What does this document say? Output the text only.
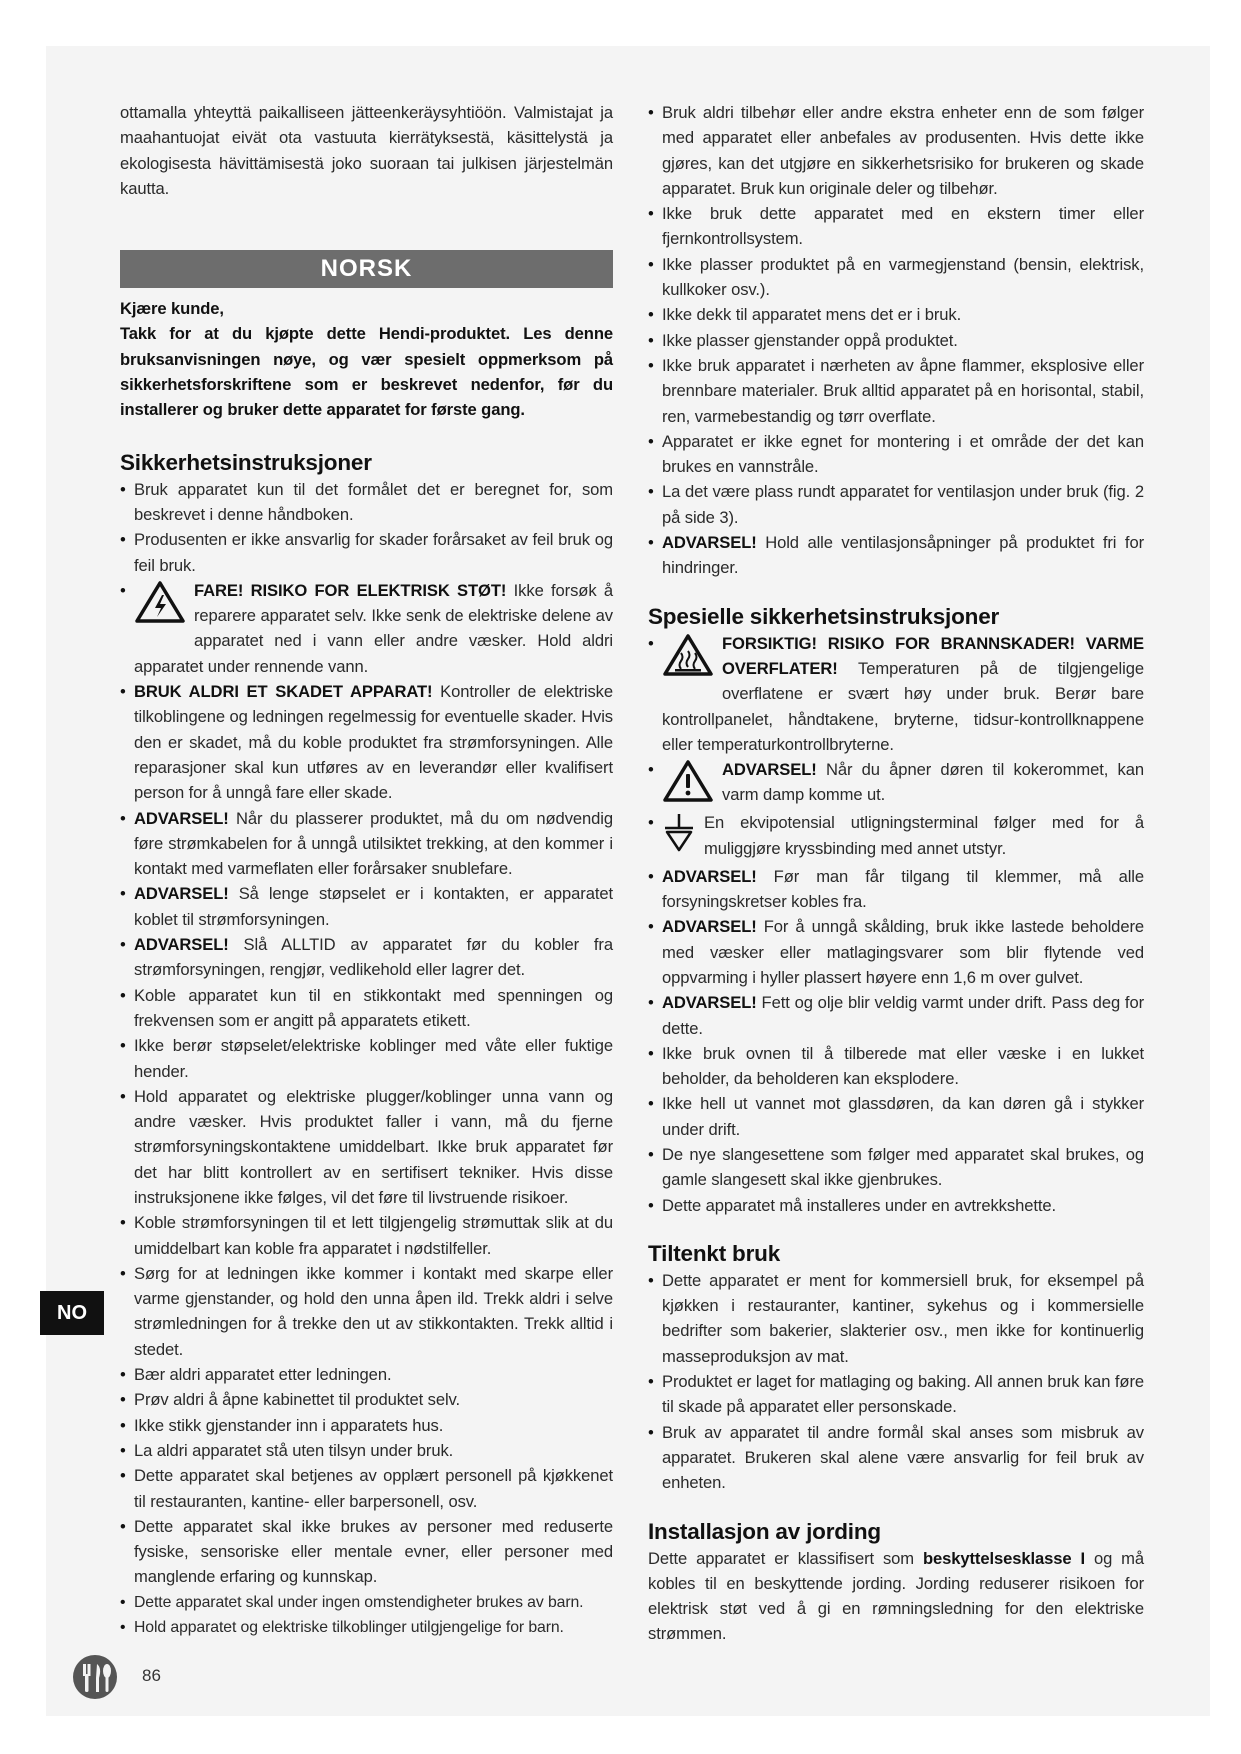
ottamalla yhteyttä paikalliseen jätteenkeräysyhtiöön. Valmistajat ja maahantuojat eivät ota vastuuta kierrätyksestä, käsittelystä ja ekologisesta hävittämisestä joko suoraan tai julkisen järjestelmän kautta.

NORSK

Kjære kunde,

Takk for at du kjøpte dette Hendi-produktet. Les denne bruksanvisningen nøye, og vær spesielt oppmerksom på sikkerhetsforskriftene som er beskrevet nedenfor, før du installerer og bruker dette apparatet for første gang.

Sikkerhetsinstruksjoner

• Bruk apparatet kun til det formålet det er beregnet for, som beskrevet i denne håndboken.

• Produsenten er ikke ansvarlig for skader forårsaket av feil bruk og feil bruk.

• FARE! RISIKO FOR ELEKTRISK STØT! Ikke forsøk å reparere apparatet selv. Ikke senk de elektriske delene av apparatet ned i vann eller andre væsker. Hold aldri apparatet under rennende vann.

• BRUK ALDRI ET SKADET APPARAT! Kontroller de elektriske tilkoblingene og ledningen regelmessig for eventuelle skader. Hvis den er skadet, må du koble produktet fra strømforsyningen. Alle reparasjoner skal kun utføres av en leverandør eller kvalifisert person for å unngå fare eller skade.

• ADVARSEL! Når du plasserer produktet, må du om nødvendig føre strømkabelen for å unngå utilsiktet trekking, at den kommer i kontakt med varmeflaten eller forårsaker snublefare.

• ADVARSEL! Så lenge støpselet er i kontakten, er apparatet koblet til strømforsyningen.

• ADVARSEL! Slå ALLTID av apparatet før du kobler fra strømforsyningen, rengjør, vedlikehold eller lagrer det.

• Koble apparatet kun til en stikkontakt med spenningen og frekvensen som er angitt på apparatets etikett.

• Ikke berør støpselet/elektriske koblinger med våte eller fuktige hender.

• Hold apparatet og elektriske plugger/koblinger unna vann og andre væsker. Hvis produktet faller i vann, må du fjerne strømforsyningskontaktene umiddelbart. Ikke bruk apparatet før det har blitt kontrollert av en sertifisert tekniker. Hvis disse instruksjonene ikke følges, vil det føre til livstruende risikoer.

• Koble strømforsyningen til et lett tilgjengelig strømuttak slik at du umiddelbart kan koble fra apparatet i nødstilfeller.

• Sørg for at ledningen ikke kommer i kontakt med skarpe eller varme gjenstander, og hold den unna åpen ild. Trekk aldri i selve strømledningen for å trekke den ut av stikkontakten. Trekk alltid i stedet.

• Bær aldri apparatet etter ledningen.

• Prøv aldri å åpne kabinettet til produktet selv.

• Ikke stikk gjenstander inn i apparatets hus.

• La aldri apparatet stå uten tilsyn under bruk.

• Dette apparatet skal betjenes av opplært personell på kjøkkenet til restauranten, kantine- eller barpersonell, osv.

• Dette apparatet skal ikke brukes av personer med reduserte fysiske, sensoriske eller mentale evner, eller personer med manglende erfaring og kunnskap.

• Dette apparatet skal under ingen omstendigheter brukes av barn.

• Hold apparatet og elektriske tilkoblinger utilgjengelige for barn.

• Bruk aldri tilbehør eller andre ekstra enheter enn de som følger med apparatet eller anbefales av produsenten. Hvis dette ikke gjøres, kan det utgjøre en sikkerhetsrisiko for brukeren og skade apparatet. Bruk kun originale deler og tilbehør.

• Ikke bruk dette apparatet med en ekstern timer eller fjernkontrollsystem.

• Ikke plasser produktet på en varmegjenstand (bensin, elektrisk, kullkoker osv.).

• Ikke dekk til apparatet mens det er i bruk.

• Ikke plasser gjenstander oppå produktet.

• Ikke bruk apparatet i nærheten av åpne flammer, eksplosive eller brennbare materialer. Bruk alltid apparatet på en horisontal, stabil, ren, varmebestandig og tørr overflate.

• Apparatet er ikke egnet for montering i et område der det kan brukes en vannstråle.

• La det være plass rundt apparatet for ventilasjon under bruk (fig. 2 på side 3).

• ADVARSEL! Hold alle ventilasjonsåpninger på produktet fri for hindringer.

Spesielle sikkerhetsinstruksjoner

• FORSIKTIG! RISIKO FOR BRANNSKADER! VARME OVERFLATER! Temperaturen på de tilgjengelige overflatene er svært høy under bruk. Berør bare kontrollpanelet, håndtakene, bryterne, tidsur-kontrollknappene eller temperaturkontrollbryterne.

• ADVARSEL! Når du åpner døren til kokerommet, kan varm damp komme ut.

• En ekvipotensial utligningsterminal følger med for å muliggjøre kryssbinding med annet utstyr.

• ADVARSEL! Før man får tilgang til klemmer, må alle forsyningskretser kobles fra.

• ADVARSEL! For å unngå skålding, bruk ikke lastede beholdere med væsker eller matlagingsvarer som blir flytende ved oppvarming i hyller plassert høyere enn 1,6 m over gulvet.

• ADVARSEL! Fett og olje blir veldig varmt under drift. Pass deg for dette.

• Ikke bruk ovnen til å tilberede mat eller væske i en lukket beholder, da beholderen kan eksplodere.

• Ikke hell ut vannet mot glassdøren, da kan døren gå i stykker under drift.

• De nye slangesettene som følger med apparatet skal brukes, og gamle slangesett skal ikke gjenbrukes.

• Dette apparatet må installeres under en avtrekkshette.

Tiltenkt bruk

• Dette apparatet er ment for kommersiell bruk, for eksempel på kjøkken i restauranter, kantiner, sykehus og i kommersielle bedrifter som bakerier, slakterier osv., men ikke for kontinuerlig masseproduksjon av mat.

• Produktet er laget for matlaging og baking. All annen bruk kan føre til skade på apparatet eller personskade.

• Bruk av apparatet til andre formål skal anses som misbruk av apparatet. Brukeren skal alene være ansvarlig for feil bruk av enheten.

Installasjon av jording

Dette apparatet er klassifisert som beskyttelsesklasse I og må kobles til en beskyttende jording. Jording reduserer risikoen for elektrisk støt ved å gi en rømningsledning for den elektriske strømmen.

NO
86
